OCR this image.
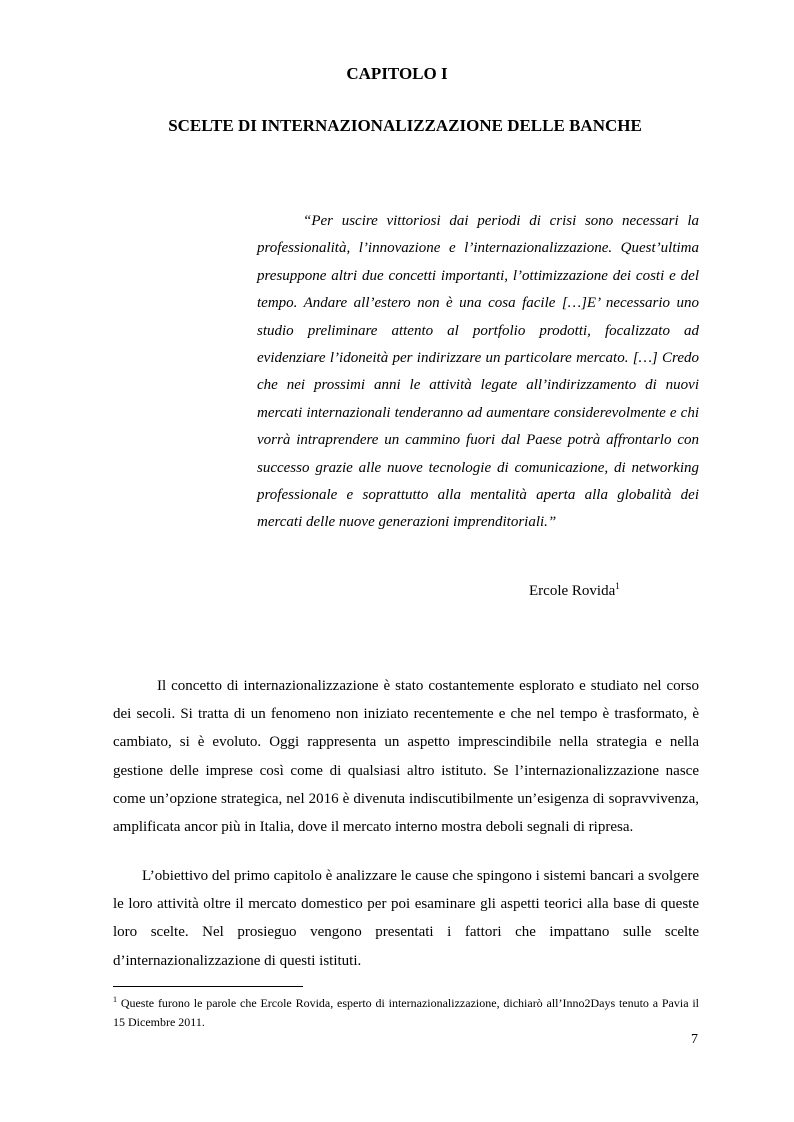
CAPITOLO I
SCELTE DI INTERNAZIONALIZZAZIONE DELLE BANCHE

“Per uscire vittoriosi dai periodi di crisi sono necessari la professionalità, l’innovazione e l’internazionalizzazione. Quest’ultima presuppone altri due concetti importanti, l’ottimizzazione dei costi e del tempo. Andare all’estero non è una cosa facile […]E’ necessario uno studio preliminare attento al portfolio prodotti, focalizzato ad evidenziare l’idoneità per indirizzare un particolare mercato. […] Credo che nei prossimi anni le attività legate all’indirizzamento di nuovi mercati internazionali tenderanno ad aumentare considerevolmente e chi vorrà intraprendere un cammino fuori dal Paese potrà affrontarlo con successo grazie alle nuove tecnologie di comunicazione, di networking professionale e soprattutto alla mentalità aperta alla globalità dei mercati delle nuove generazioni imprenditoriali.”

Ercole Rovida$^1$

Il concetto di internazionalizzazione è stato costantemente esplorato e studiato nel corso dei secoli. Si tratta di un fenomeno non iniziato recentemente e che nel tempo è trasformato, è cambiato, si è evoluto. Oggi rappresenta un aspetto imprescindibile nella strategia e nella gestione delle imprese così come di qualsiasi altro istituto. Se l’internazionalizzazione nasce come un’opzione strategica, nel 2016 è divenuta indiscutibilmente un’esigenza di sopravvivenza, amplificata ancor più in Italia, dove il mercato interno mostra deboli segnali di ripresa.

L’obiettivo del primo capitolo è analizzare le cause che spingono i sistemi bancari a svolgere le loro attività oltre il mercato domestico per poi esaminare gli aspetti teorici alla base di queste loro scelte. Nel prosieguo vengono presentati i fattori che impattano sulle scelte d’internazionalizzazione di questi istituti.

$^1$ Queste furono le parole che Ercole Rovida, esperto di internazionalizzazione, dichiarò all’Inno2Days tenuto a Pavia il 15 Dicembre 2011.

7
